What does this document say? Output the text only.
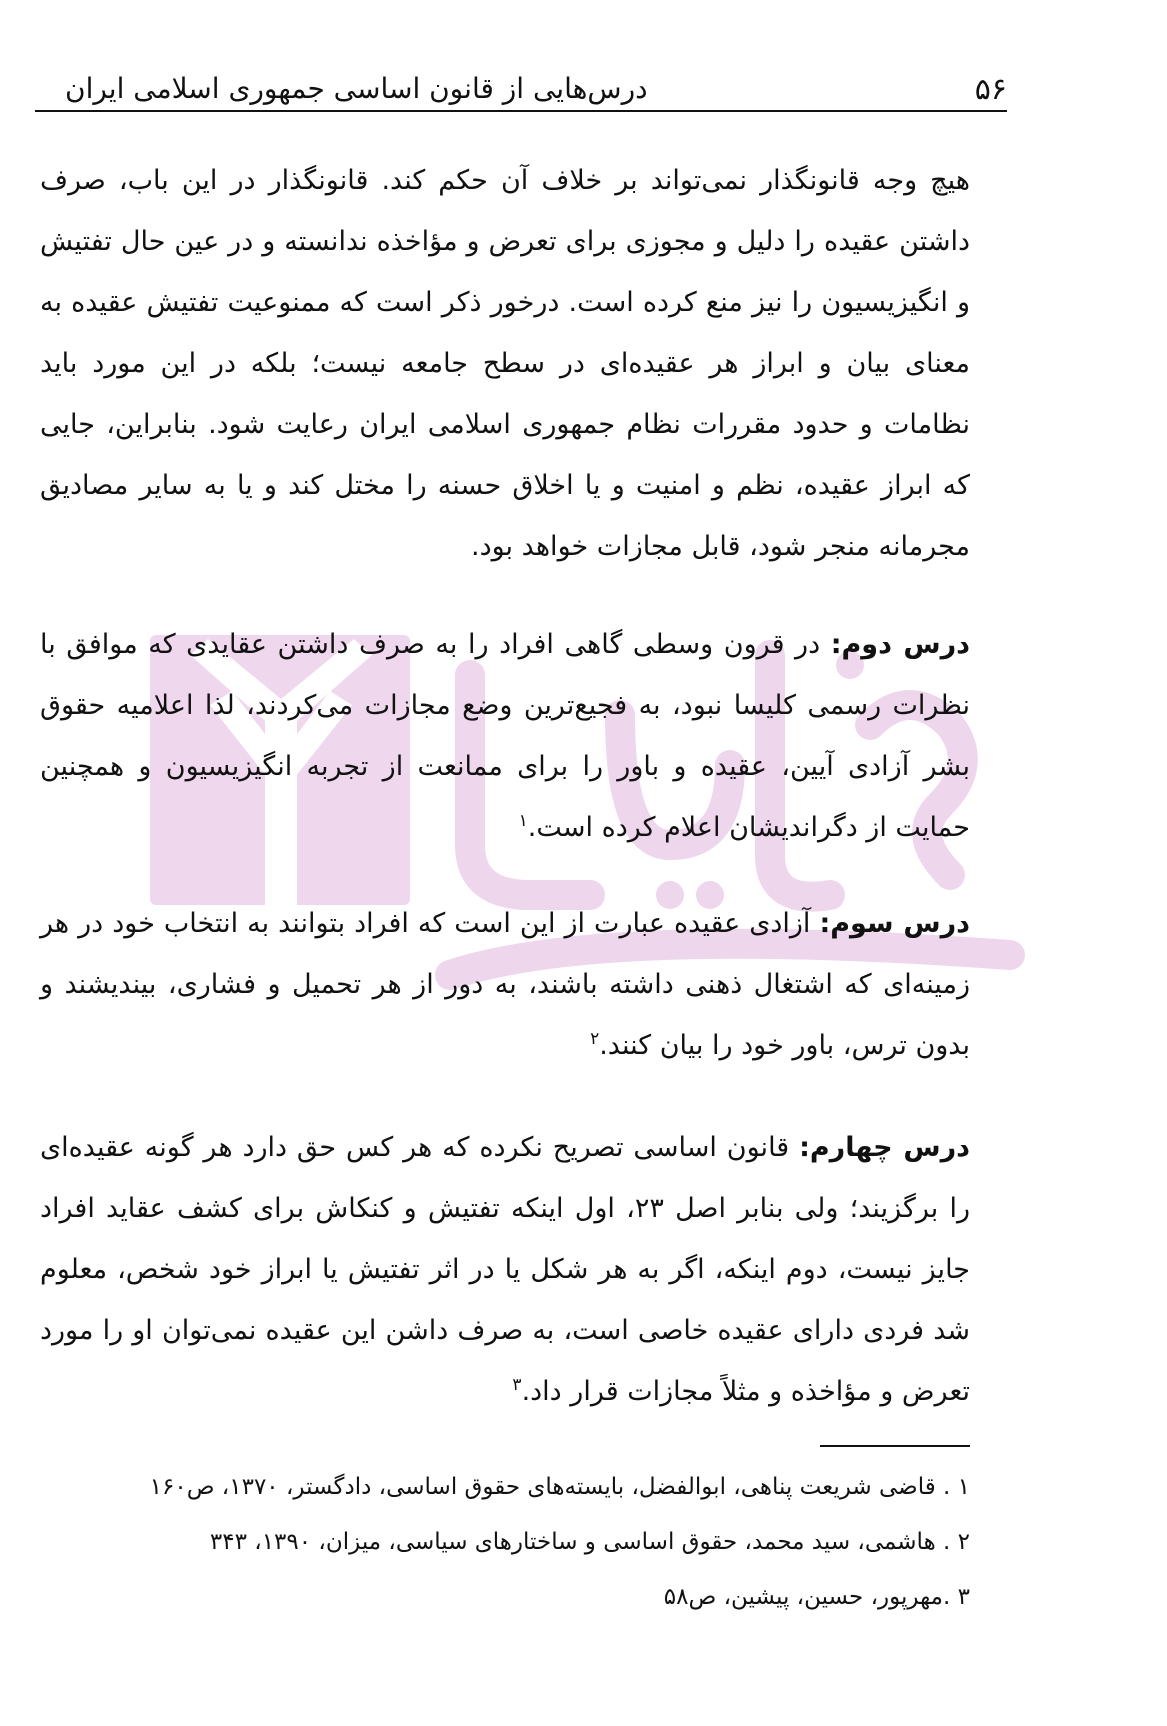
۵۶
درس‌هایی از قانون اساسی جمهوری اسلامی ایران
هیچ وجه قانونگذار نمی‌تواند بر خلاف آن حکم کند. قانونگذار در این باب، صرف داشتن عقیده را دلیل و مجوزی برای تعرض و مؤاخذه ندانسته و در عین حال تفتیش و انگیزیسیون را نیز منع کرده است. درخور ذکر است که ممنوعیت تفتیش عقیده به معنای بیان و ابراز هر عقیده‌ای در سطح جامعه نیست؛ بلکه در این مورد باید نظامات و حدود مقررات نظام جمهوری اسلامی ایران رعایت شود. بنابراین، جایی که ابراز عقیده، نظم و امنیت و یا اخلاق حسنه را مختل کند و یا به سایر مصادیق مجرمانه منجر شود، قابل مجازات خواهد بود.
درس دوم: در قرون وسطی گاهی افراد را به صرف داشتن عقایدی که موافق با نظرات رسمی کلیسا نبود، به فجیع‌ترین وضع مجازات می‌کردند، لذا اعلامیه حقوق بشر آزادی آیین، عقیده و باور را برای ممانعت از تجربه انگیزیسیون و همچنین حمایت از دگراندیشان اعلام کرده است.$^۱$
درس سوم: آزادی عقیده عبارت از این است که افراد بتوانند به انتخاب خود در هر زمینه‌ای که اشتغال ذهنی داشته باشند، به دور از هر تحمیل و فشاری، بیندیشند و بدون ترس، باور خود را بیان کنند.$^۲$
درس چهارم: قانون اساسی تصریح نکرده که هر کس حق دارد هر گونه عقیده‌ای را برگزیند؛ ولی بنابر اصل ۲۳، اول اینکه تفتیش و کنکاش برای کشف عقاید افراد جایز نیست، دوم اینکه، اگر به هر شکل یا در اثر تفتیش یا ابراز خود شخص، معلوم شد فردی دارای عقیده خاصی است، به صرف داشن این عقیده نمی‌توان او را مورد تعرض و مؤاخذه و مثلاً مجازات قرار داد.$^۳$
۱ . قاضی شریعت پناهی، ابوالفضل، بایسته‌های حقوق اساسی، دادگستر، ۱۳۷۰، ص۱۶۰
۲ . هاشمی، سید محمد، حقوق اساسی و ساختارهای سیاسی، میزان، ۱۳۹۰، ۳۴۳
۳ .مهرپور، حسین، پیشین، ص۵۸
